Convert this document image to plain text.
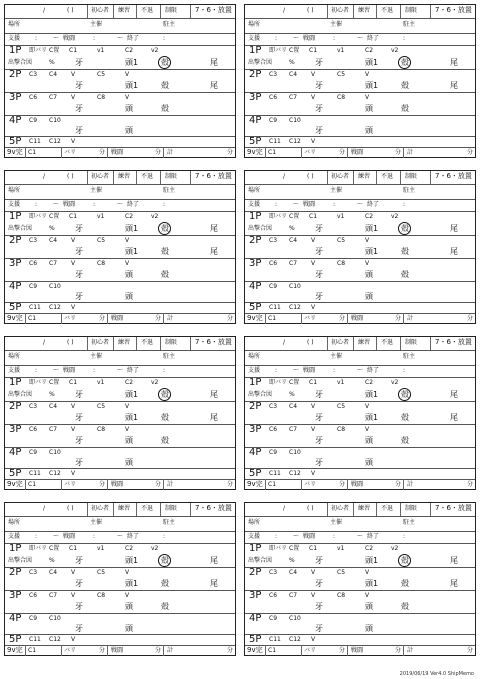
/	( )	初心者 練習 不退 制限	7・6・放置
場所	主催	駐主
支援 :	～ 戦闘	:	～ 終了	:
1P 即バリ C置 C1	v1	C2	v2
出撃合図	%	牙	頭1	殻	尾
2P C3 C4 V	C5	V
牙	頭1	殻	尾
3P C6 C7 V	C8	V
牙	頭	殻
4P C9 C10
牙	頭
5P C11 C12 V
9v完 C1	バリ	分 戦闘	分 計	分
/	( )	初心者 練習 不退 制限	7・6・放置
場所	主催	駐主
支援 :	～ 戦闘	:	～ 終了	:
1P 即バリ C置 C1	v1	C2	v2
出撃合図	%	牙	頭1	殻	尾
2P C3 C4 V	C5	V
牙	頭1	殻	尾
3P C6 C7 V	C8	V
牙	頭	殻
4P C9 C10
牙	頭
5P C11 C12 V
9v完 C1	バリ	分 戦闘	分 計	分
/	( )	初心者 練習 不退 制限	7・6・放置
場所	主催	駐主
支援 :	～ 戦闘	:	～ 終了	:
1P 即バリ C置 C1	v1	C2	v2
出撃合図	%	牙	頭1	殻	尾
2P C3 C4 V	C5	V
牙	頭1	殻	尾
3P C6 C7 V	C8	V
牙	頭	殻
4P C9 C10
牙	頭
5P C11 C12 V
9v完 C1	バリ	分 戦闘	分 計	分
/	( )	初心者 練習 不退 制限	7・6・放置
場所	主催	駐主
支援 :	～ 戦闘	:	～ 終了	:
1P 即バリ C置 C1	v1	C2	v2
出撃合図	%	牙	頭1	殻	尾
2P C3 C4 V	C5	V
牙	頭1	殻	尾
3P C6 C7 V	C8	V
牙	頭	殻
4P C9 C10
牙	頭
5P C11 C12 V
9v完 C1	バリ	分 戦闘	分 計	分
/	( )	初心者 練習 不退 制限	7・6・放置
場所	主催	駐主
支援 :	～ 戦闘	:	～ 終了	:
1P 即バリ C置 C1	v1	C2	v2
出撃合図	%	牙	頭1	殻	尾
2P C3 C4 V	C5	V
牙	頭1	殻	尾
3P C6 C7 V	C8	V
牙	頭	殻
4P C9 C10
牙	頭
5P C11 C12 V
9v完 C1	バリ	分 戦闘	分 計	分
/	( )	初心者 練習 不退 制限	7・6・放置
場所	主催	駐主
支援 :	～ 戦闘	:	～ 終了	:
1P 即バリ C置 C1	v1	C2	v2
出撃合図	%	牙	頭1	殻	尾
2P C3 C4 V	C5	V
牙	頭1	殻	尾
3P C6 C7 V	C8	V
牙	頭	殻
4P C9 C10
牙	頭
5P C11 C12 V
9v完 C1	バリ	分 戦闘	分 計	分
/	( )	初心者 練習 不退 制限	7・6・放置
場所	主催	駐主
支援 :	～ 戦闘	:	～ 終了	:
1P 即バリ C置 C1	v1	C2	v2
出撃合図	%	牙	頭1	殻	尾
2P C3 C4 V	C5	V
牙	頭1	殻	尾
3P C6 C7 V	C8	V
牙	頭	殻
4P C9 C10
牙	頭
5P C11 C12 V
9v完 C1	バリ	分 戦闘	分 計	分
/	( )	初心者 練習 不退 制限	7・6・放置
場所	主催	駐主
支援 :	～ 戦闘	:	～ 終了	:
1P 即バリ C置 C1	v1	C2	v2
出撃合図	%	牙	頭1	殻	尾
2P C3 C4 V	C5	V
牙	頭1	殻	尾
3P C6 C7 V	C8	V
牙	頭	殻
4P C9 C10
牙	頭
5P C11 C12 V
9v完 C1	バリ	分 戦闘	分 計	分
2019/06/19 Ver4.0 ShipMemo
